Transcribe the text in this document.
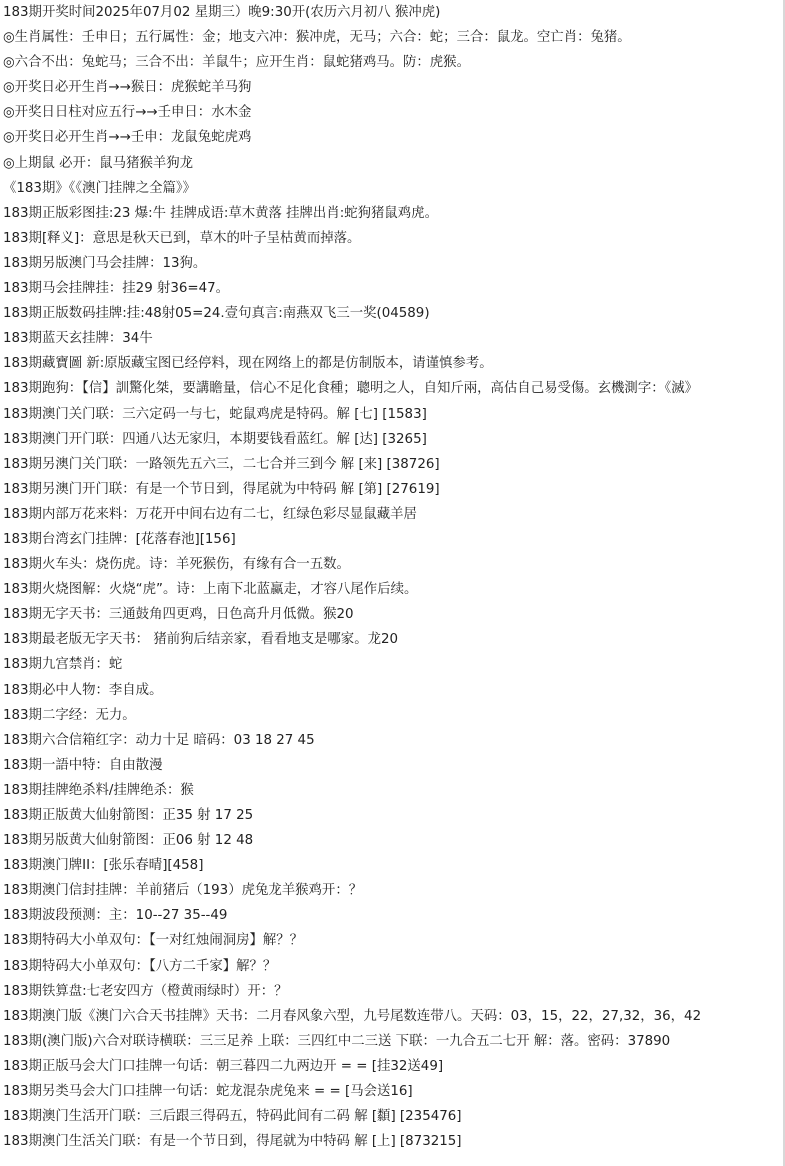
183期开奖时间2025年07月02 星期三）晚9:30开(农历六月初八 猴冲虎)
◎生肖属性：壬申日；五行属性：金；地支六冲：猴冲虎，无马；六合：蛇；三合：鼠龙。空亡肖：兔猪。
◎六合不出：兔蛇马；三合不出：羊鼠牛；应开生肖：鼠蛇猪鸡马。防：虎猴。
◎开奖日必开生肖→→猴日：虎猴蛇羊马狗
◎开奖日日柱对应五行→→壬申日：水木金
◎开奖日必开生肖→→壬申：龙鼠兔蛇虎鸡
◎上期鼠 必开：鼠马猪猴羊狗龙
《183期》《《澳门挂牌之全篇》》
183期正版彩图挂:23 爆:牛 挂牌成语:草木黄落 挂牌出肖:蛇狗猪鼠鸡虎。
183期[释义]：意思是秋天已到，草木的叶子呈枯黄而掉落。
183期另版澳门马会挂牌：13狗。
183期马会挂牌挂：挂29 射36=47。
183期正版数码挂牌:挂:48射05=24.壹句真言:南燕双飞三一奖(04589)
183期蓝天玄挂牌：34牛
183期藏寶圖 新:原版藏宝图已经停料，现在网络上的都是仿制版本，请谨慎参考。
183期跑狗：【信】訓驚化桀，要講瞻量，信心不足化食種；聰明之人，自知斤兩，高估自己易受傷。玄機測字：《滅》
183期澳门关门联：三六定码一与七，蛇鼠鸡虎是特码。解 [七] [1583]
183期澳门开门联：四通八达无家归，本期要钱看蓝红。解 [达] [3265]
183期另澳门关门联：一路领先五六三，二七合并三到今 解 [来] [38726]
183期另澳门开门联：有是一个节日到，得尾就为中特码 解 [第] [27619]
183期内部万花来料：万花开中间右边有二七，红绿色彩尽显鼠藏羊居
183期台湾玄门挂牌：[花落春池][156]
183期火车头：烧伤虎。诗：羊死猴伤，有缘有合一五数。
183期火烧图解：火烧“虎”。诗：上南下北蓝赢走，才容八尾作后续。
183期无字天书：三通鼓角四更鸡，日色高升月低微。猴20
183期最老版无字天书： 猪前狗后结亲家，看看地支是哪家。龙20
183期九宫禁肖：蛇
183期必中人物：李自成。
183期二字经：无力。
183期六合信箱红字：动力十足 暗码：03 18 27 45
183期一語中特：自由散漫
183期挂牌绝杀料/挂牌绝杀：猴
183期正版黄大仙射箭图：正35 射 17 25
183期另版黄大仙射箭图：正06 射 12 48
183期澳门牌II：[张乐春晴][458]
183期澳门信封挂牌：羊前猪后（193）虎兔龙羊猴鸡开：？
183期波段预测：主：10--27 35--49
183期特码大小单双句：【一对红烛闹洞房】解？？
183期特码大小单双句：【八方二千家】解？？
183期铁算盘:七老安四方（橙黄雨绿时）开：？
183期澳门版《澳门六合天书挂牌》天书：二月春风象六型，九号尾数连带八。天码：03，15，22，27,32，36，42
183期(澳门版)六合对联诗横联：三三足养 上联：三四红中二三送 下联：一九合五二七开 解：落。密码：37890
183期正版马会大门口挂牌一句话：朝三暮四二九两边开 = = [挂32送49]
183期另类马会大门口挂牌一句话：蛇龙混杂虎兔来 = = [马会送16]
183期澳门生活开门联：三后跟三得码五，特码此间有二码 解 [纇] [235476]
183期澳门生活关门联：有是一个节日到，得尾就为中特码 解 [上] [873215]
